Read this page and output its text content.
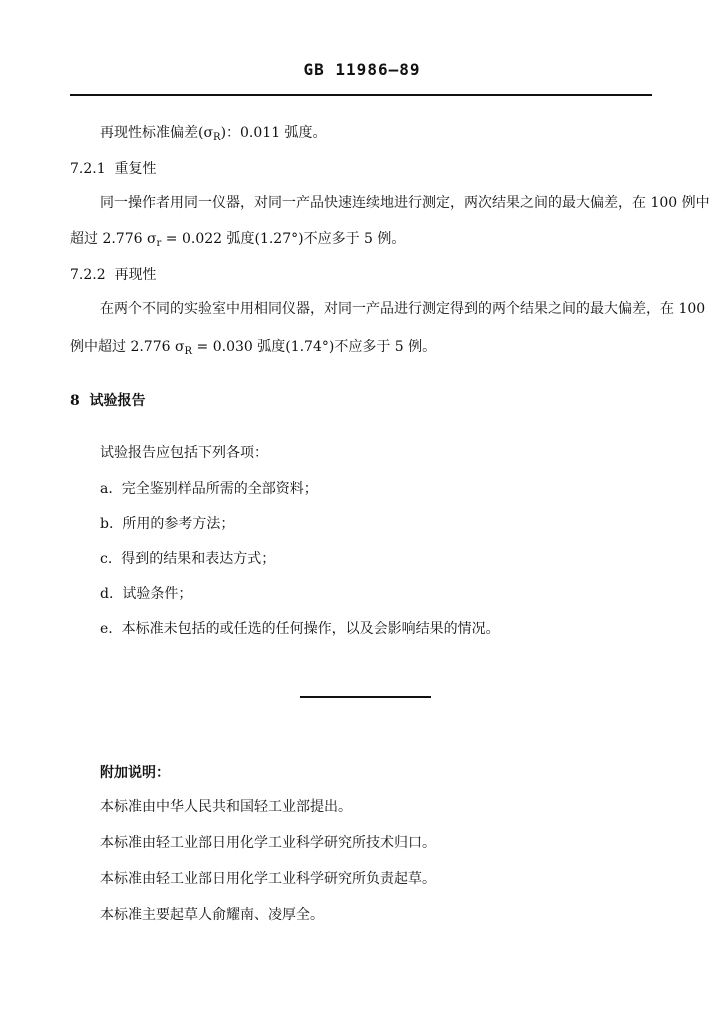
GB 11986—89
再现性标准偏差$(\sigma_R)$：0.011 弧度。
7.2.1 重复性
同一操作者用同一仪器，对同一产品快速连续地进行测定，两次结果之间的最大偏差，在 100 例中
超过 2.776 $\sigma_r = 0.022$ 弧度(1.27°)不应多于 5 例。
7.2.2 再现性
在两个不同的实验室中用相同仪器，对同一产品进行测定得到的两个结果之间的最大偏差，在 100
例中超过 2.776 $\sigma_R = 0.030$ 弧度(1.74°)不应多于 5 例。
8 试验报告
试验报告应包括下列各项：
a. 完全鉴别样品所需的全部资料；
b. 所用的参考方法；
c. 得到的结果和表达方式；
d. 试验条件；
e. 本标准未包括的或任选的任何操作，以及会影响结果的情况。
附加说明：
本标准由中华人民共和国轻工业部提出。
本标准由轻工业部日用化学工业科学研究所技术归口。
本标准由轻工业部日用化学工业科学研究所负责起草。
本标准主要起草人俞耀南、凌厚全。
